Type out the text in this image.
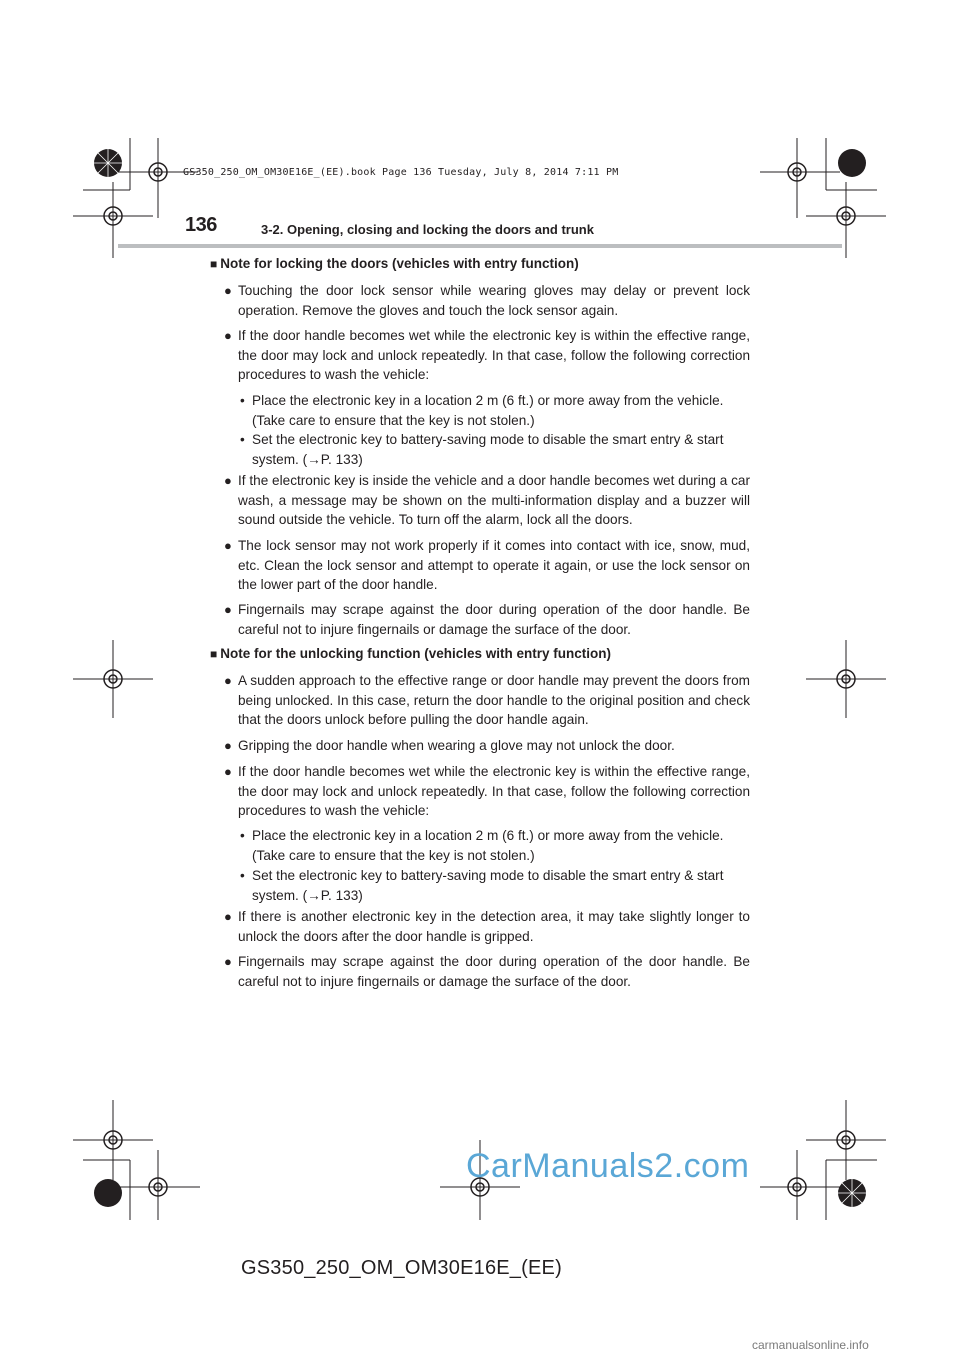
GS350_250_OM_OM30E16E_(EE).book Page 136 Tuesday, July 8, 2014 7:11 PM
136	3-2. Opening, closing and locking the doors and trunk
■ Note for locking the doors (vehicles with entry function)
● Touching the door lock sensor while wearing gloves may delay or prevent lock operation. Remove the gloves and touch the lock sensor again.
● If the door handle becomes wet while the electronic key is within the effective range, the door may lock and unlock repeatedly. In that case, follow the following correction procedures to wash the vehicle:
• Place the electronic key in a location 2 m (6 ft.) or more away from the vehicle. (Take care to ensure that the key is not stolen.)
• Set the electronic key to battery-saving mode to disable the smart entry & start system. (→P. 133)
● If the electronic key is inside the vehicle and a door handle becomes wet during a car wash, a message may be shown on the multi-information display and a buzzer will sound outside the vehicle. To turn off the alarm, lock all the doors.
● The lock sensor may not work properly if it comes into contact with ice, snow, mud, etc. Clean the lock sensor and attempt to operate it again, or use the lock sensor on the lower part of the door handle.
● Fingernails may scrape against the door during operation of the door handle. Be careful not to injure fingernails or damage the surface of the door.
■ Note for the unlocking function (vehicles with entry function)
● A sudden approach to the effective range or door handle may prevent the doors from being unlocked. In this case, return the door handle to the original position and check that the doors unlock before pulling the door handle again.
● Gripping the door handle when wearing a glove may not unlock the door.
● If the door handle becomes wet while the electronic key is within the effective range, the door may lock and unlock repeatedly. In that case, follow the following correction procedures to wash the vehicle:
• Place the electronic key in a location 2 m (6 ft.) or more away from the vehicle. (Take care to ensure that the key is not stolen.)
• Set the electronic key to battery-saving mode to disable the smart entry & start system. (→P. 133)
● If there is another electronic key in the detection area, it may take slightly longer to unlock the doors after the door handle is gripped.
● Fingernails may scrape against the door during operation of the door handle. Be careful not to injure fingernails or damage the surface of the door.
CarManuals2.com
GS350_250_OM_OM30E16E_(EE)
carmanualsonline.info
